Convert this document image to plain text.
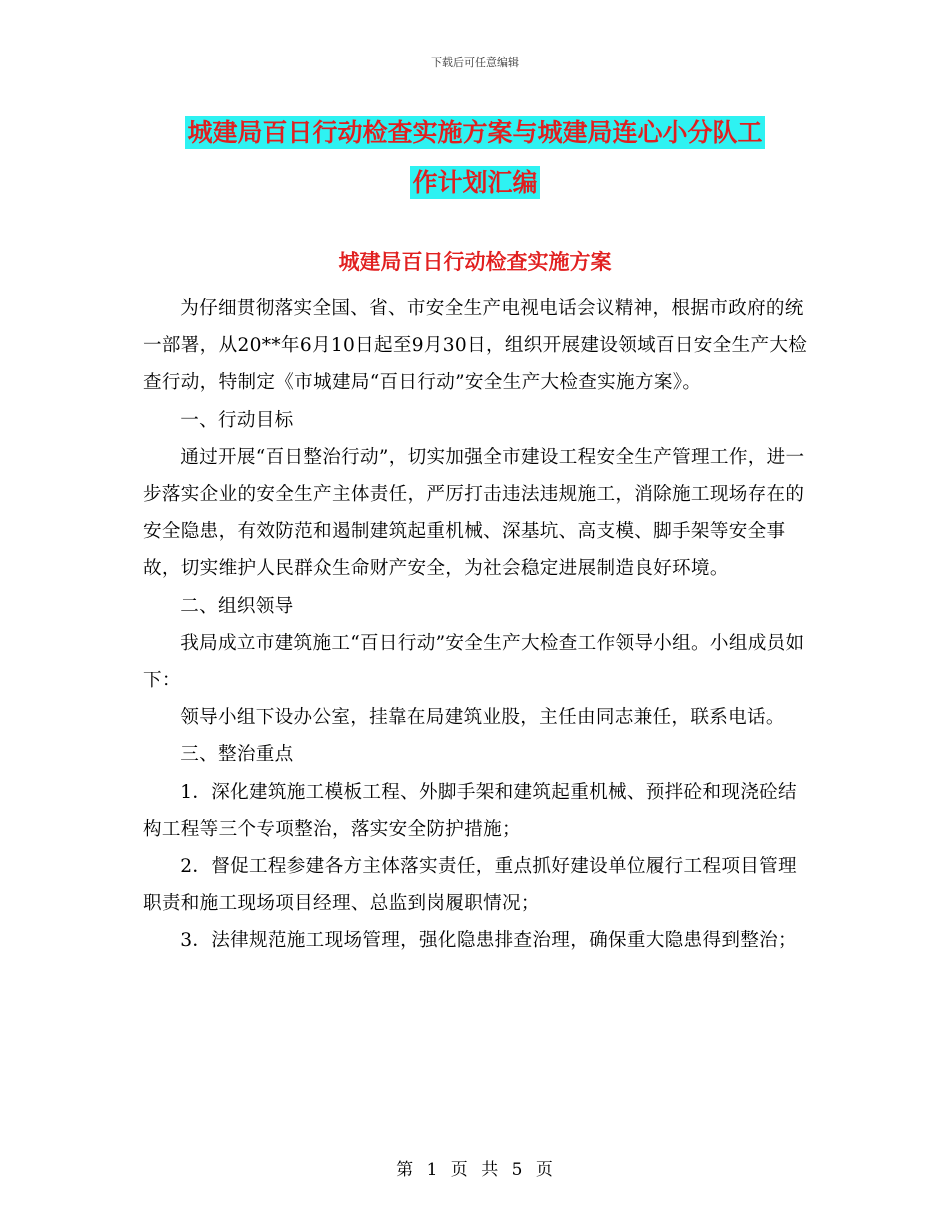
下载后可任意编辑
城建局百日行动检查实施方案与城建局连心小分队工
作计划汇编
城建局百日行动检查实施方案

为仔细贯彻落实全国、省、市安全生产电视电话会议精神，根据市政府的统一部署，从20**年6月10日起至9月30日，组织开展建设领域百日安全生产大检查行动，特制定《市城建局“百日行动”安全生产大检查实施方案》。

一、行动目标

通过开展“百日整治行动”，切实加强全市建设工程安全生产管理工作，进一步落实企业的安全生产主体责任，严厉打击违法违规施工，消除施工现场存在的安全隐患，有效防范和遏制建筑起重机械、深基坑、高支模、脚手架等安全事故，切实维护人民群众生命财产安全，为社会稳定进展制造良好环境。

二、组织领导

我局成立市建筑施工“百日行动”安全生产大检查工作领导小组。小组成员如下：

领导小组下设办公室，挂靠在局建筑业股，主任由同志兼任，联系电话。

三、整治重点

1．深化建筑施工模板工程、外脚手架和建筑起重机械、预拌砼和现浇砼结构工程等三个专项整治，落实安全防护措施；

2．督促工程参建各方主体落实责任，重点抓好建设单位履行工程项目管理职责和施工现场项目经理、总监到岗履职情况；

3．法律规范施工现场管理，强化隐患排查治理，确保重大隐患得到整治；

第 1 页 共 5 页
